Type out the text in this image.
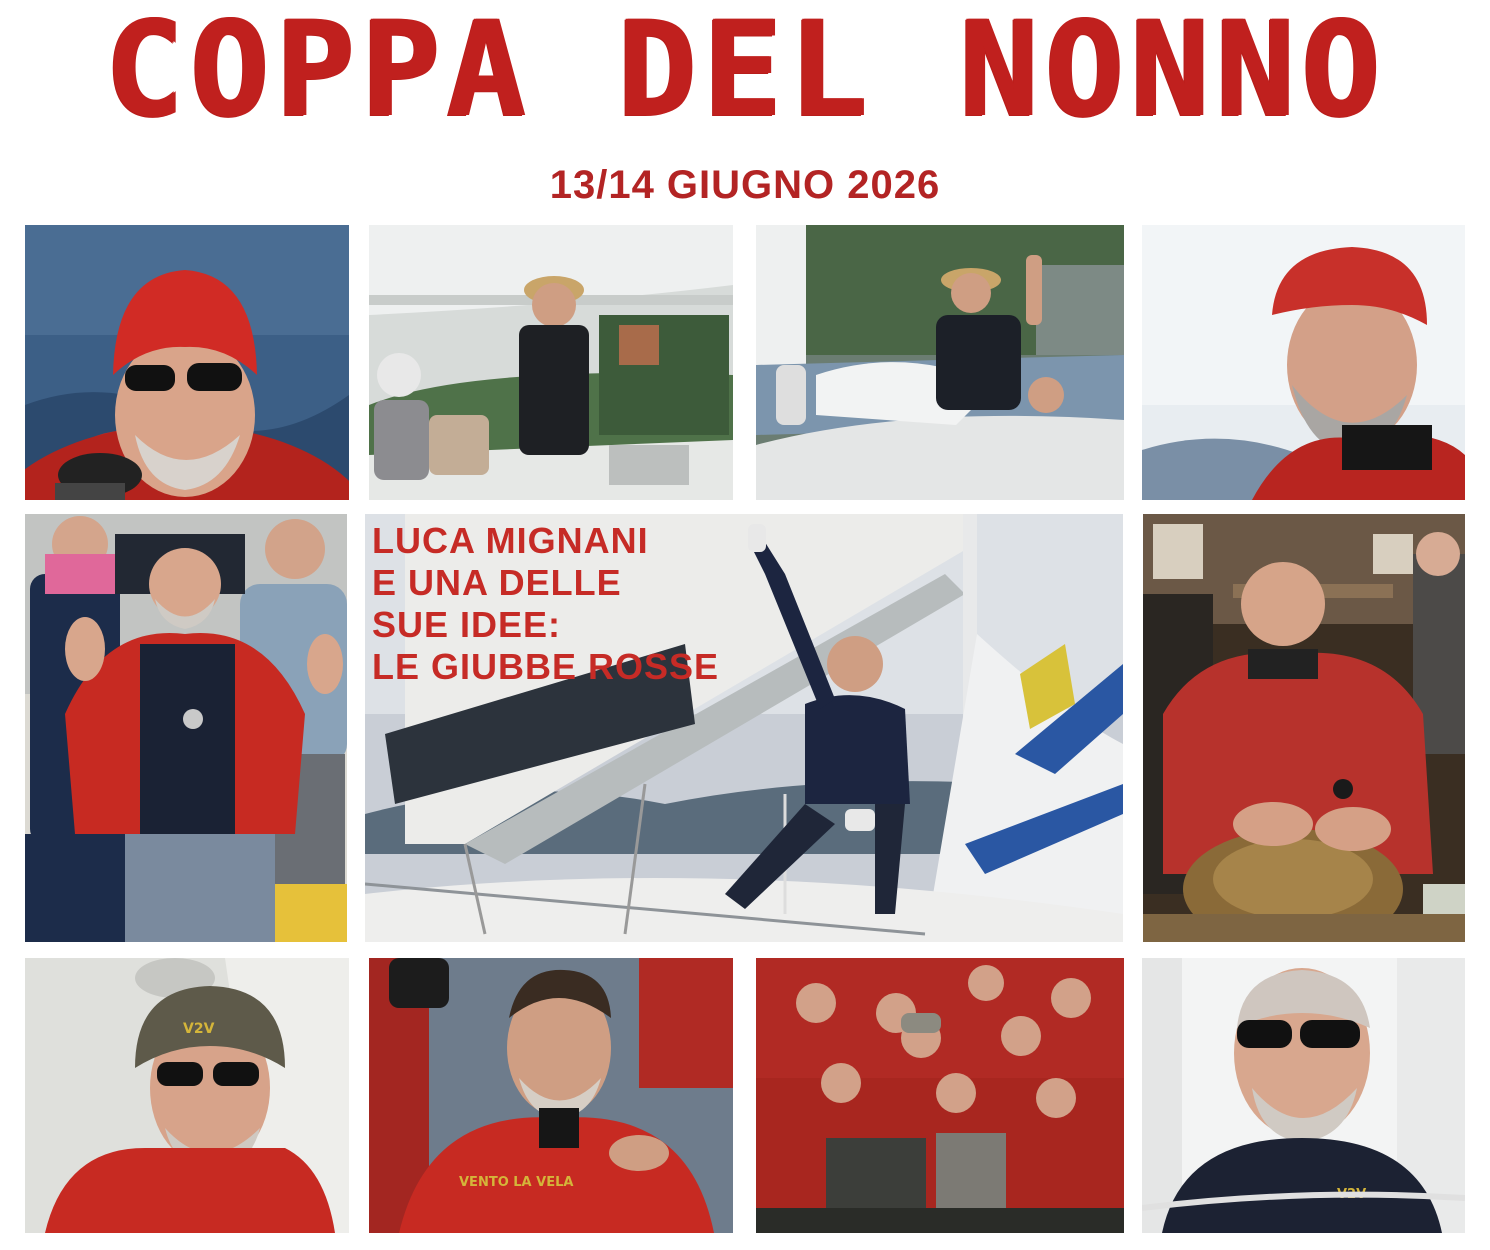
COPPA DEL NONNO
13/14 GIUGNO 2026
V2V
VENTO LA VELA
V2V
LUCA MIGNANI
E UNA DELLE
SUE IDEE:
LE GIUBBE ROSSE
